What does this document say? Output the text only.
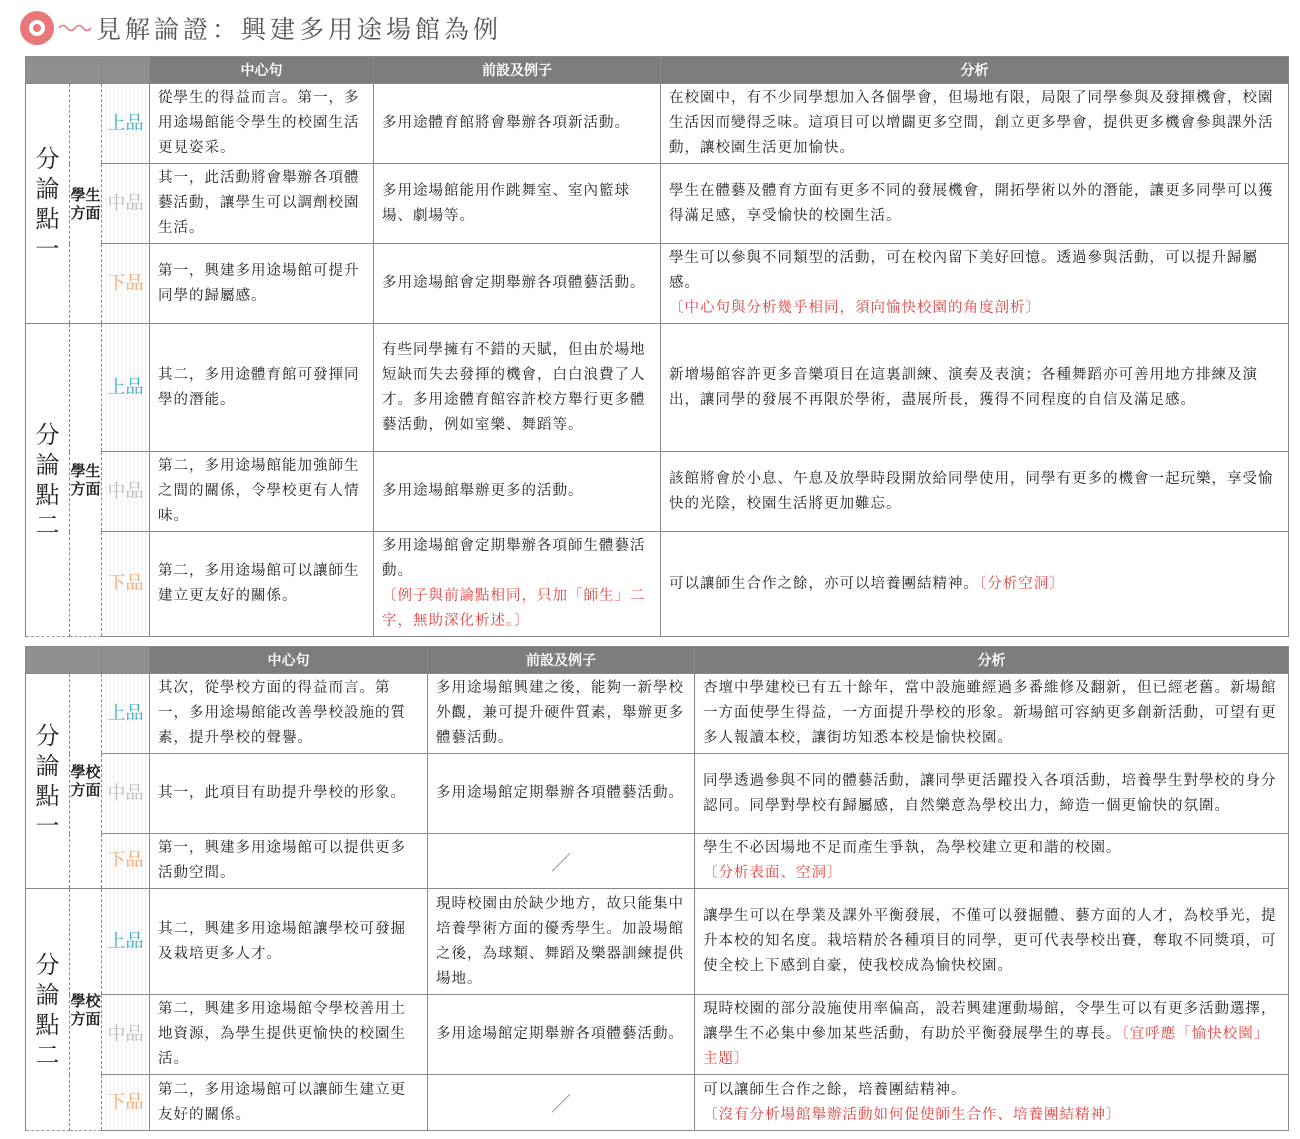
見解論證：興建多用途場館為例
			中心句	前設及例子	分析

分論點一	學生方面	上品	從學生的得益而言。第一，多用途場館能令學生的校園生活更見姿采。	多用途體育館將會舉辦各項新活動。	在校園中，有不少同學想加入各個學會，但場地有限，局限了同學參與及發揮機會，校園生活因而變得乏味。這項目可以增闢更多空間，創立更多學會，提供更多機會參與課外活動，讓校園生活更加愉快。

		中品	其一，此活動將會舉辦各項體藝活動，讓學生可以調劑校園生活。	多用途場館能用作跳舞室、室內籃球場、劇場等。	學生在體藝及體育方面有更多不同的發展機會，開拓學術以外的潛能，讓更多同學可以獲得滿足感，享受愉快的校園生活。

		下品	第一，興建多用途場館可提升同學的歸屬感。	多用途場館會定期舉辦各項體藝活動。	學生可以參與不同類型的活動，可在校內留下美好回憶。透過參與活動，可以提升歸屬感。
〔中心句與分析幾乎相同，須向愉快校園的角度剖析〕

分論點二	學生方面	上品	其二，多用途體育館可發揮同學的潛能。	有些同學擁有不錯的天賦，但由於場地短缺而失去發揮的機會，白白浪費了人才。多用途體育館容許校方舉行更多體藝活動，例如室樂、舞蹈等。	新增場館容許更多音樂項目在這裏訓練、演奏及表演；各種舞蹈亦可善用地方排練及演出，讓同學的發展不再限於學術，盡展所長，獲得不同程度的自信及滿足感。

		中品	第二，多用途場館能加強師生之間的關係，令學校更有人情味。	多用途場館舉辦更多的活動。	該館將會於小息、午息及放學時段開放給同學使用，同學有更多的機會一起玩樂，享受愉快的光陰，校園生活將更加難忘。

		下品	第二，多用途場館可以讓師生建立更友好的關係。	多用途場館會定期舉辦各項師生體藝活動。
〔例子與前論點相同，只加「師生」二字，無助深化析述。〕	可以讓師生合作之餘，亦可以培養團結精神。〔分析空洞〕
			中心句	前設及例子	分析

分論點一	學校方面	上品	其次，從學校方面的得益而言。第一，多用途場館能改善學校設施的質素，提升學校的聲譽。	多用途場館興建之後，能夠一新學校外觀，兼可提升硬件質素，舉辦更多體藝活動。	杏壇中學建校已有五十餘年，當中設施雖經過多番維修及翻新，但已經老舊。新場館一方面使學生得益，一方面提升學校的形象。新場館可容納更多創新活動，可望有更多人報讀本校，讓街坊知悉本校是愉快校園。

		中品	其一，此項目有助提升學校的形象。	多用途場館定期舉辦各項體藝活動。	同學透過參與不同的體藝活動，讓同學更活躍投入各項活動，培養學生對學校的身分認同。同學對學校有歸屬感，自然樂意為學校出力，締造一個更愉快的氛圍。

		下品	第一，興建多用途場館可以提供更多活動空間。	／	學生不必因場地不足而產生爭執，為學校建立更和諧的校園。
〔分析表面、空洞〕

分論點二	學校方面	上品	其二，興建多用途場館讓學校可發掘及栽培更多人才。	現時校園由於缺少地方，故只能集中培養學術方面的優秀學生。加設場館之後，為球類、舞蹈及樂器訓練提供場地。	讓學生可以在學業及課外平衡發展，不僅可以發掘體、藝方面的人才，為校爭光，提升本校的知名度。栽培精於各種項目的同學，更可代表學校出賽，奪取不同獎項，可使全校上下感到自豪，使我校成為愉快校園。

		中品	第二，興建多用途場館令學校善用土地資源，為學生提供更愉快的校園生活。	多用途場館定期舉辦各項體藝活動。	現時校園的部分設施使用率偏高，設若興建運動場館，令學生可以有更多活動選擇，讓學生不必集中參加某些活動，有助於平衡發展學生的專長。〔宜呼應「愉快校園」主題〕

		下品	第二，多用途場館可以讓師生建立更友好的關係。	／	可以讓師生合作之餘，培養團結精神。
〔沒有分析場館舉辦活動如何促使師生合作、培養團結精神〕
